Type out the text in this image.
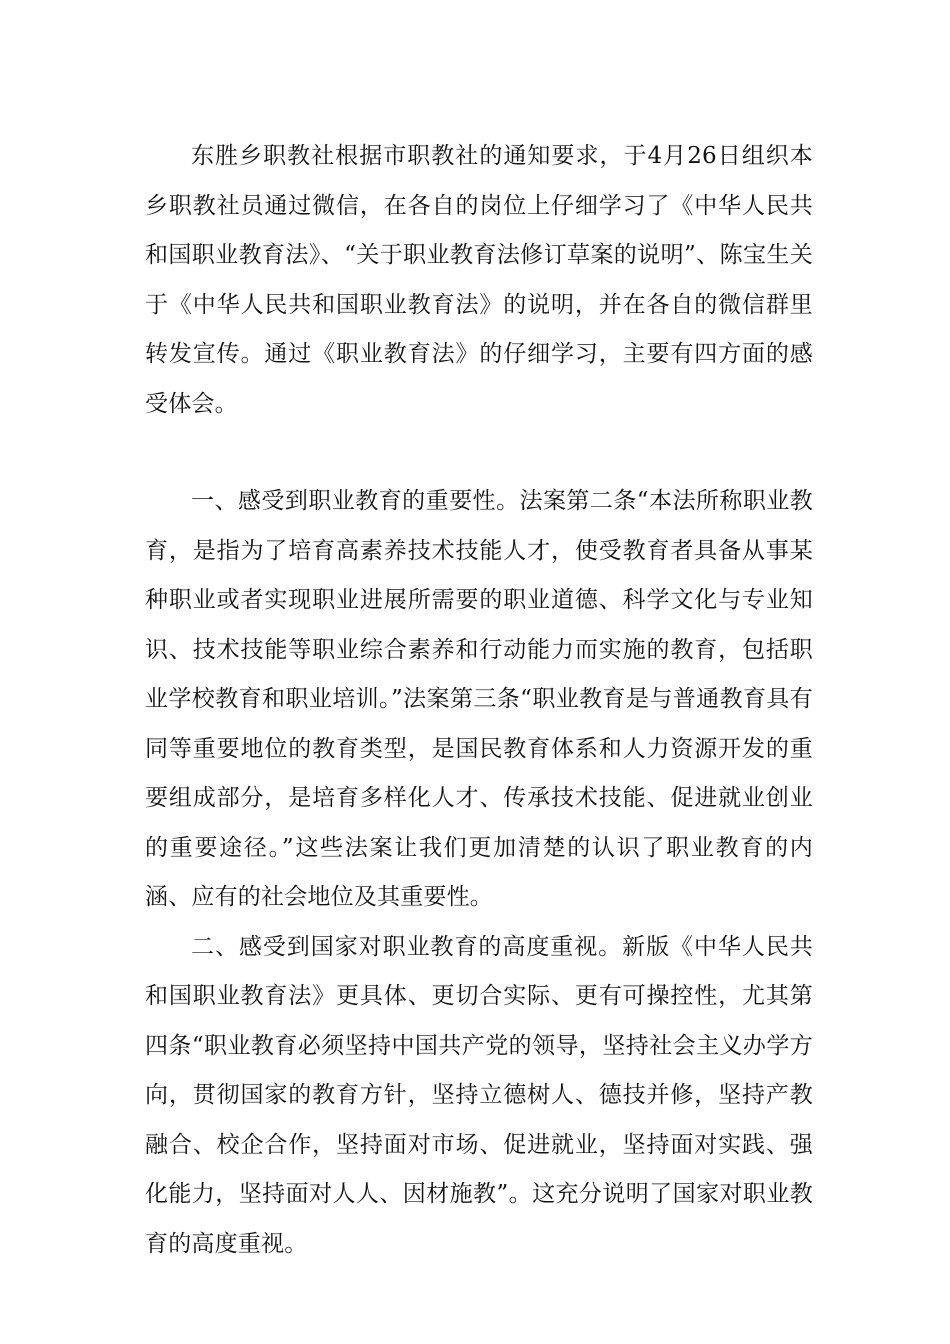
东胜乡职教社根据市职教社的通知要求，于4月26日组织本乡职教社员通过微信，在各自的岗位上仔细学习了《中华人民共和国职业教育法》、“关于职业教育法修订草案的说明”、陈宝生关于《中华人民共和国职业教育法》的说明，并在各自的微信群里转发宣传。通过《职业教育法》的仔细学习，主要有四方面的感受体会。

一、感受到职业教育的重要性。法案第二条“本法所称职业教育，是指为了培育高素养技术技能人才，使受教育者具备从事某种职业或者实现职业进展所需要的职业道德、科学文化与专业知识、技术技能等职业综合素养和行动能力而实施的教育，包括职业学校教育和职业培训。”法案第三条“职业教育是与普通教育具有同等重要地位的教育类型，是国民教育体系和人力资源开发的重要组成部分，是培育多样化人才、传承技术技能、促进就业创业的重要途径。”这些法案让我们更加清楚的认识了职业教育的内涵、应有的社会地位及其重要性。

二、感受到国家对职业教育的高度重视。新版《中华人民共和国职业教育法》更具体、更切合实际、更有可操控性，尤其第四条“职业教育必须坚持中国共产党的领导，坚持社会主义办学方向，贯彻国家的教育方针，坚持立德树人、德技并修，坚持产教融合、校企合作，坚持面对市场、促进就业，坚持面对实践、强化能力，坚持面对人人、因材施教”。这充分说明了国家对职业教育的高度重视。
